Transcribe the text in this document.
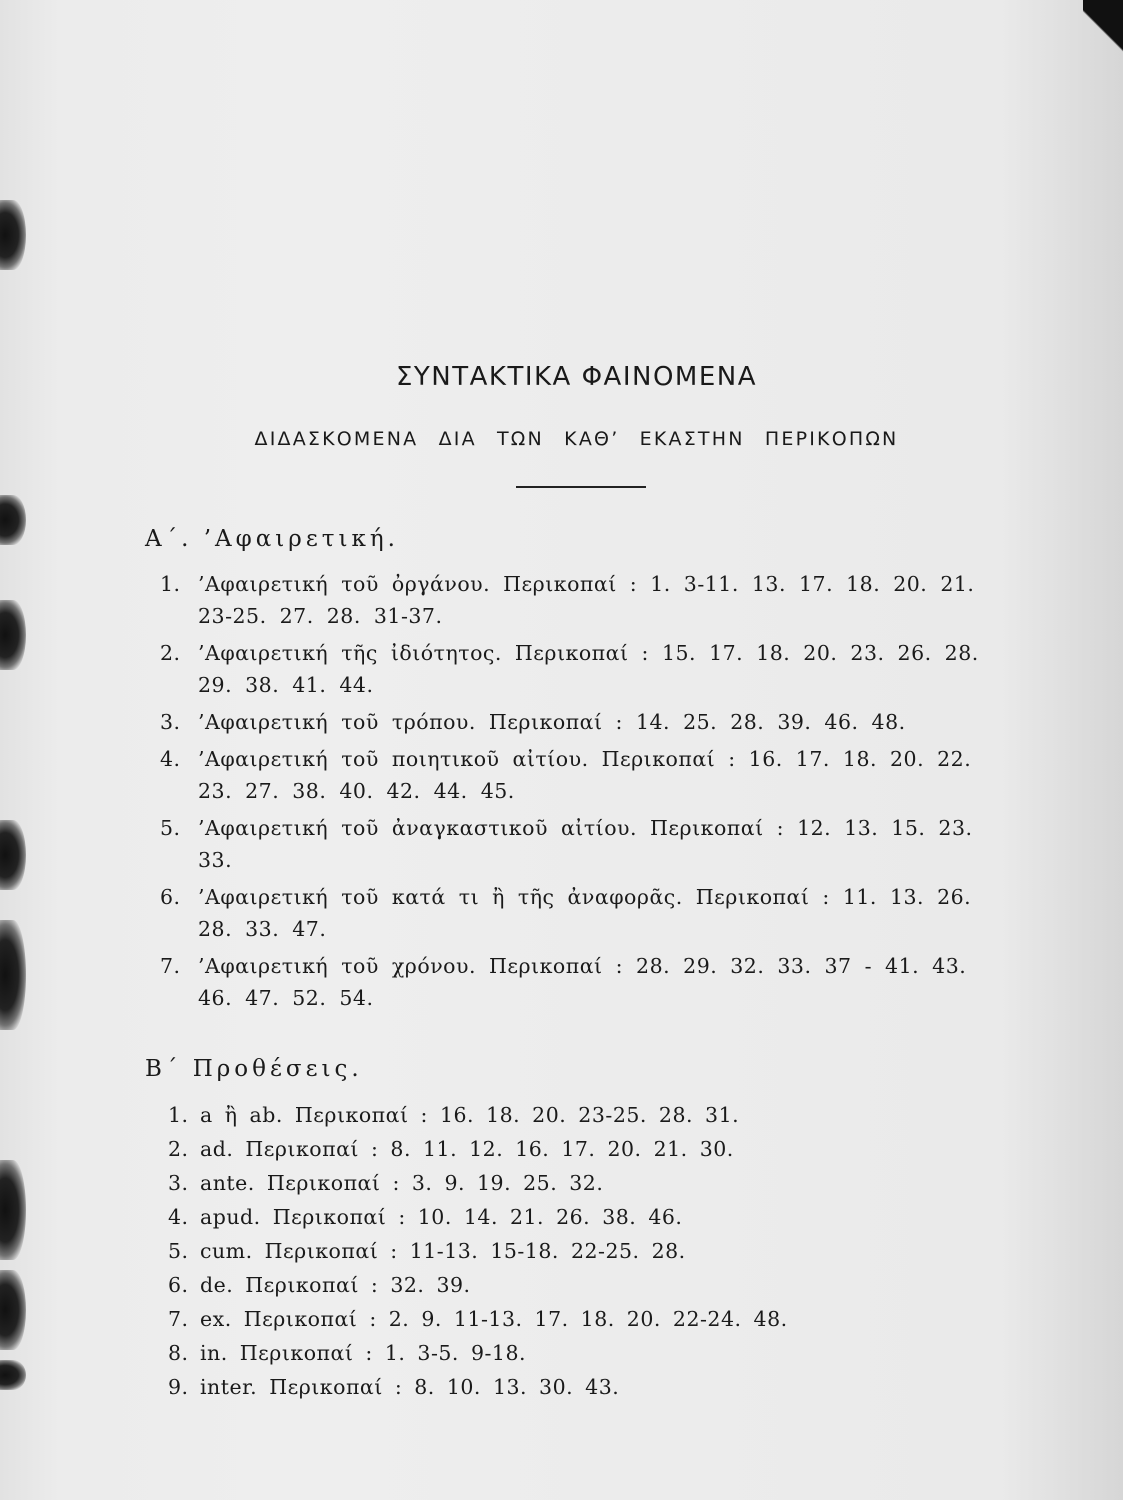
ΣΥΝΤΑΚΤΙΚΑ ΦΑΙΝΟΜΕΝΑ
ΔΙΔΑΣΚΟΜΕΝΑ ΔΙΑ ΤΩΝ ΚΑΘ’ ΕΚΑΣΤΗΝ ΠΕΡΙΚΟΠΩΝ
Α΄. ’Αφαιρετική.
1. ’Αφαιρετική τοῦ ὀργάνου. Περικοπαί : 1. 3-11. 13. 17. 18. 20. 21. 23-25. 27. 28. 31-37.
2. ’Αφαιρετική τῆς ἰδιότητος. Περικοπαί : 15. 17. 18. 20. 23. 26. 28. 29. 38. 41. 44.
3. ’Αφαιρετική τοῦ τρόπου. Περικοπαί : 14. 25. 28. 39. 46. 48.
4. ’Αφαιρετική τοῦ ποιητικοῦ αἰτίου. Περικοπαί : 16. 17. 18. 20. 22. 23. 27. 38. 40. 42. 44. 45.
5. ’Αφαιρετική τοῦ ἀναγκαστικοῦ αἰτίου. Περικοπαί : 12. 13. 15. 23. 33.
6. ’Αφαιρετική τοῦ κατά τι ἢ τῆς ἀναφορᾶς. Περικοπαί : 11. 13. 26. 28. 33. 47.
7. ’Αφαιρετική τοῦ χρόνου. Περικοπαί : 28. 29. 32. 33. 37 - 41. 43. 46. 47. 52. 54.
Β΄ Προθέσεις.
1. a ἢ ab. Περικοπαί : 16. 18. 20. 23-25. 28. 31.
2. ad. Περικοπαί : 8. 11. 12. 16. 17. 20. 21. 30.
3. ante. Περικοπαί : 3. 9. 19. 25. 32.
4. apud. Περικοπαί : 10. 14. 21. 26. 38. 46.
5. cum. Περικοπαί : 11-13. 15-18. 22-25. 28.
6. de. Περικοπαί : 32. 39.
7. ex. Περικοπαί : 2. 9. 11-13. 17. 18. 20. 22-24. 48.
8. in. Περικοπαί : 1. 3-5. 9-18.
9. inter. Περικοπαί : 8. 10. 13. 30. 43.
